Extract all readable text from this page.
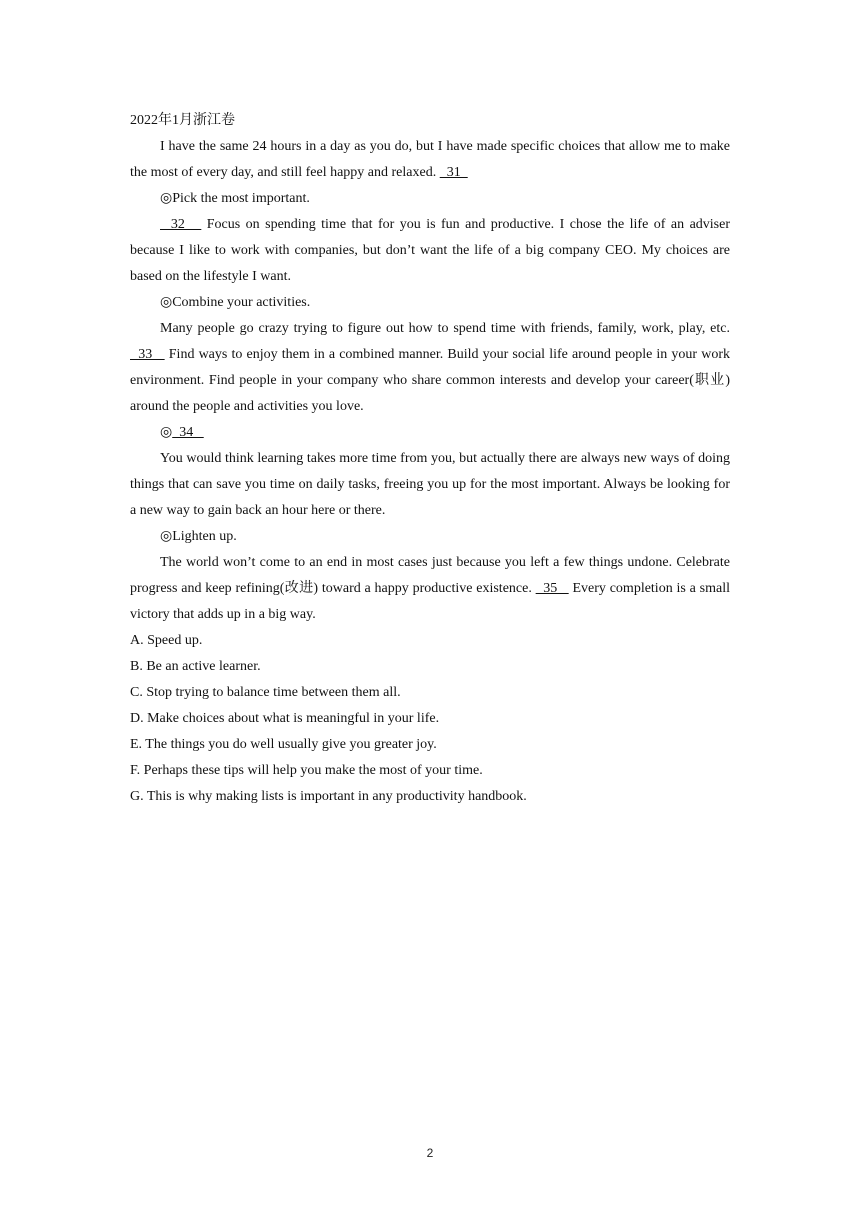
2022年1月浙江卷

I have the same 24 hours in a day as you do, but I have made specific choices that allow me to make the most of every day, and still feel happy and relaxed.   31

◎Pick the most important.

32    Focus on spending time that for you is fun and productive. I chose the life of an adviser because I like to work with companies, but don’t want the life of a big company CEO. My choices are based on the lifestyle I want.

◎Combine your activities.

Many people go crazy trying to figure out how to spend time with friends, family, work, play, etc.   33    Find ways to enjoy them in a combined manner. Build your social life around people in your work environment. Find people in your company who share common interests and develop your career(职业) around the people and activities you love.

◎  34

You would think learning takes more time from you, but actually there are always new ways of doing things that can save you time on daily tasks, freeing you up for the most important. Always be looking for a new way to gain back an hour here or there.

◎Lighten up.

The world won’t come to an end in most cases just because you left a few things undone. Celebrate progress and keep refining(改进) toward a happy productive existence.   35    Every completion is a small victory that adds up in a big way.

A. Speed up.

B. Be an active learner.

C. Stop trying to balance time between them all.

D. Make choices about what is meaningful in your life.

E. The things you do well usually give you greater joy.

F. Perhaps these tips will help you make the most of your time.

G. This is why making lists is important in any productivity handbook.

2
